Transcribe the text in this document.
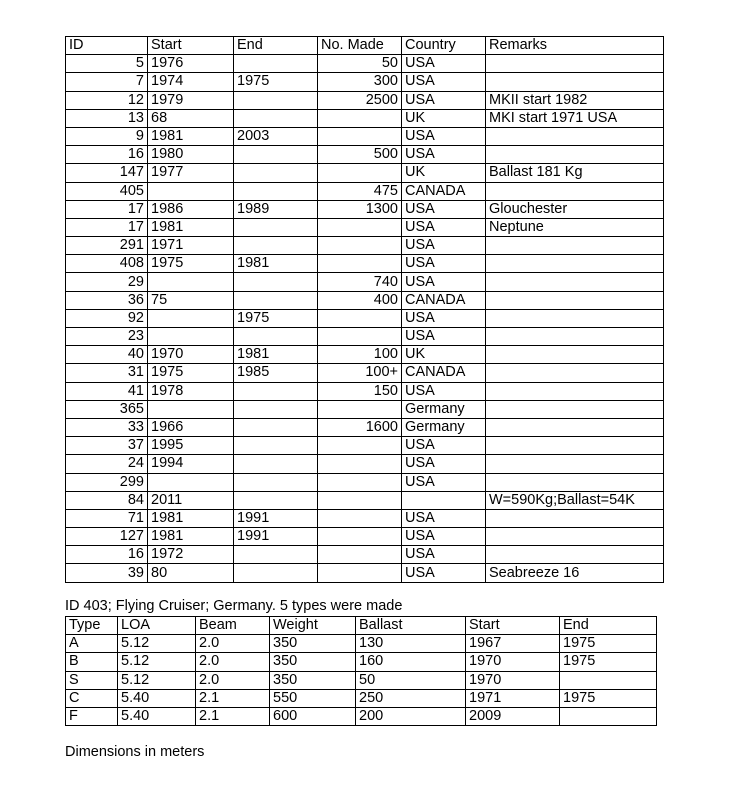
ID	Start	End	No. Made	Country	Remarks
5	1976		50	USA	
7	1974	1975	300	USA	
12	1979		2500	USA	MKII start 1982
13	68			UK	MKI start 1971 USA
9	1981	2003		USA	
16	1980		500	USA	
147	1977			UK	Ballast 181 Kg
405			475	CANADA	
17	1986	1989	1300	USA	Glouchester
17	1981			USA	Neptune
291	1971			USA	
408	1975	1981		USA	
29			740	USA	
36	75		400	CANADA	
92		1975		USA	
23				USA	
40	1970	1981	100	UK	
31	1975	1985	100+	CANADA	
41	1978		150	USA	
365				Germany	
33	1966		1600	Germany	
37	1995			USA	
24	1994			USA	
299				USA	
84	2011				W=590Kg;Ballast=54K
71	1981	1991		USA	
127	1981	1991		USA	
16	1972			USA	
39	80			USA	Seabreeze 16
ID 403; Flying Cruiser; Germany. 5 types were made
Type	LOA	Beam	Weight	Ballast	Start	End
A	5.12	2.0	350	130	1967	1975
B	5.12	2.0	350	160	1970	1975
S	5.12	2.0	350	50	1970	
C	5.40	2.1	550	250	1971	1975
F	5.40	2.1	600	200	2009	
Dimensions in meters
